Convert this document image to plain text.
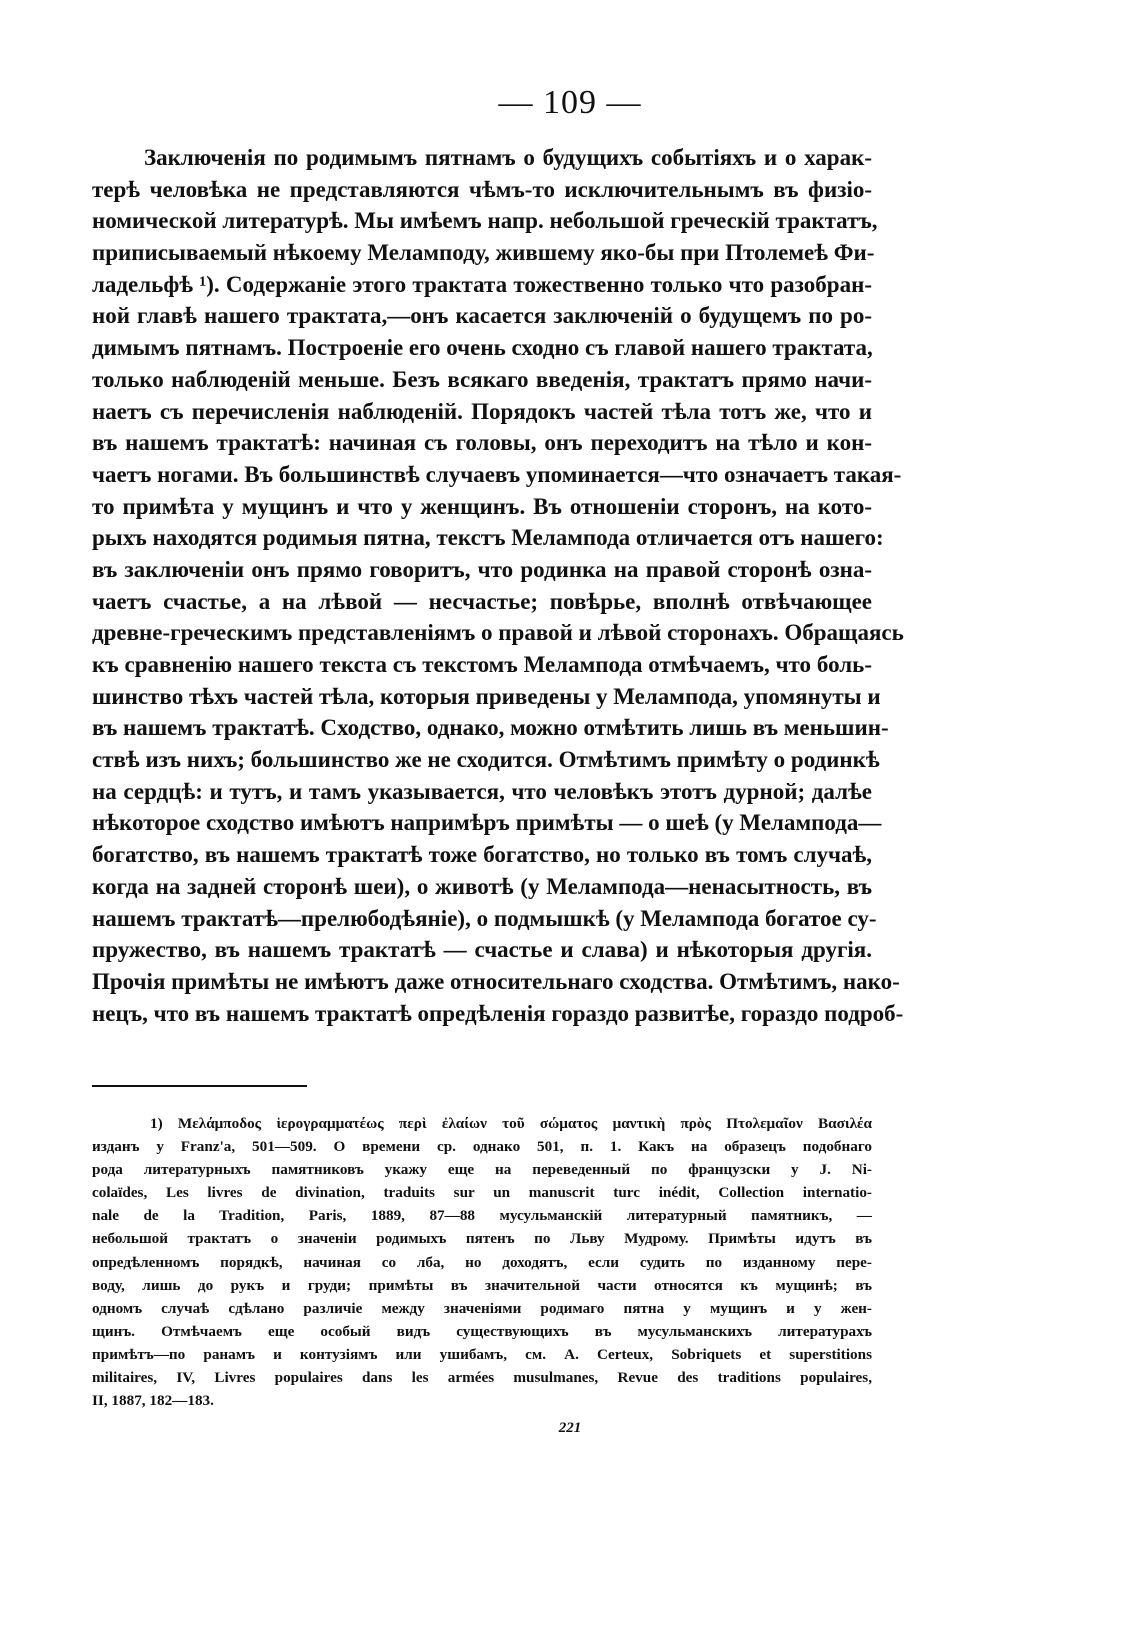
— 109 —
Заключенія по родимымъ пятнамъ о будущихъ событіяхъ и о харак-
терѣ человѣка не представляются чѣмъ-то исключительнымъ въ физіо-
номической литературѣ. Мы имѣемъ напр. небольшой греческій трактатъ,
приписываемый нѣкоему Меламподу, жившему яко-бы при Птолемеѣ Фи-
ладельфѣ ¹). Содержаніе этого трактата тожественно только что разобран-
ной главѣ нашего трактата,—онъ касается заключеній о будущемъ по ро-
димымъ пятнамъ. Построеніе его очень сходно съ главой нашего трактата,
только наблюденій меньше. Безъ всякаго введенія, трактатъ прямо начи-
наетъ съ перечисленія наблюденій. Порядокъ частей тѣла тотъ же, что и
въ нашемъ трактатѣ: начиная съ головы, онъ переходитъ на тѣло и кон-
чаетъ ногами. Въ большинствѣ случаевъ упоминается—что означаетъ такая-
то примѣта у мущинъ и что у женщинъ. Въ отношеніи сторонъ, на кото-
рыхъ находятся родимыя пятна, текстъ Меламподa отличается отъ нашего:
въ заключеніи онъ прямо говоритъ, что родинка на правой сторонѣ озна-
чаетъ счастье, а на лѣвой — несчастье; повѣрье, вполнѣ отвѣчающее
древне-греческимъ представленіямъ о правой и лѣвой сторонахъ. Обращаясь
къ сравненію нашего текста съ текстомъ Меламподa отмѣчаемъ, что боль-
шинство тѣхъ частей тѣла, которыя приведены у Меламподa, упомянуты и
въ нашемъ трактатѣ. Сходство, однако, можно отмѣтить лишь въ меньшин-
ствѣ изъ нихъ; большинство же не сходится. Отмѣтимъ примѣту о родинкѣ
на сердцѣ: и тутъ, и тамъ указывается, что человѣкъ этотъ дурной; далѣе
нѣкоторое сходство имѣютъ напримѣръ примѣты — о шеѣ (у Меламподa—
богатство, въ нашемъ трактатѣ тоже богатство, но только въ томъ случаѣ,
когда на задней сторонѣ шеи), о животѣ (у Меламподa—ненасытность, въ
нашемъ трактатѣ—прелюбодѣяніе), о подмышкѣ (у Меламподa богатое су-
пружество, въ нашемъ трактатѣ — счастье и слава) и нѣкоторыя другія.
Прочія примѣты не имѣютъ даже относительнаго сходства. Отмѣтимъ, нако-
нецъ, что въ нашемъ трактатѣ опредѣленія гораздо развитѣе, гораздо подроб-
1) Μελάμποδος ἱερογραμματέως περὶ ἐλαίων τοῦ σώματος μαντικὴ πρὸς Πτολεμαῖον Βασιλέα
изданъ у Franz'a, 501—509. О времени ср. однако 501, п. 1. Какъ на образецъ подобнаго
рода литературныхъ памятниковъ укажу еще на переведенный по французски у J. Ni-
colaïdes, Les livres de divination, traduits sur un manuscrit turc inédit, Collection internatio-
nale de la Tradition, Paris, 1889, 87—88 мусульманскій литературный памятникъ, —
небольшой трактатъ о значеніи родимыхъ пятенъ по Льву Мудрому. Примѣты идутъ въ
опредѣленномъ порядкѣ, начиная со лба, но доходятъ, если судить по изданному пере-
воду, лишь до рукъ и груди; примѣты въ значительной части относятся къ мущинѣ; въ
одномъ случаѣ сдѣлано различіе между значеніями родимаго пятна у мущинъ и у жен-
щинъ. Отмѣчаемъ еще особый видъ существующихъ въ мусульманскихъ литературахъ
примѣтъ—по ранамъ и контузіямъ или ушибамъ, см. A. Certeux, Sobriquets et superstitions
militaires, IV, Livres populaires dans les armées musulmanes, Revue des traditions populaires,
II, 1887, 182—183.
221
